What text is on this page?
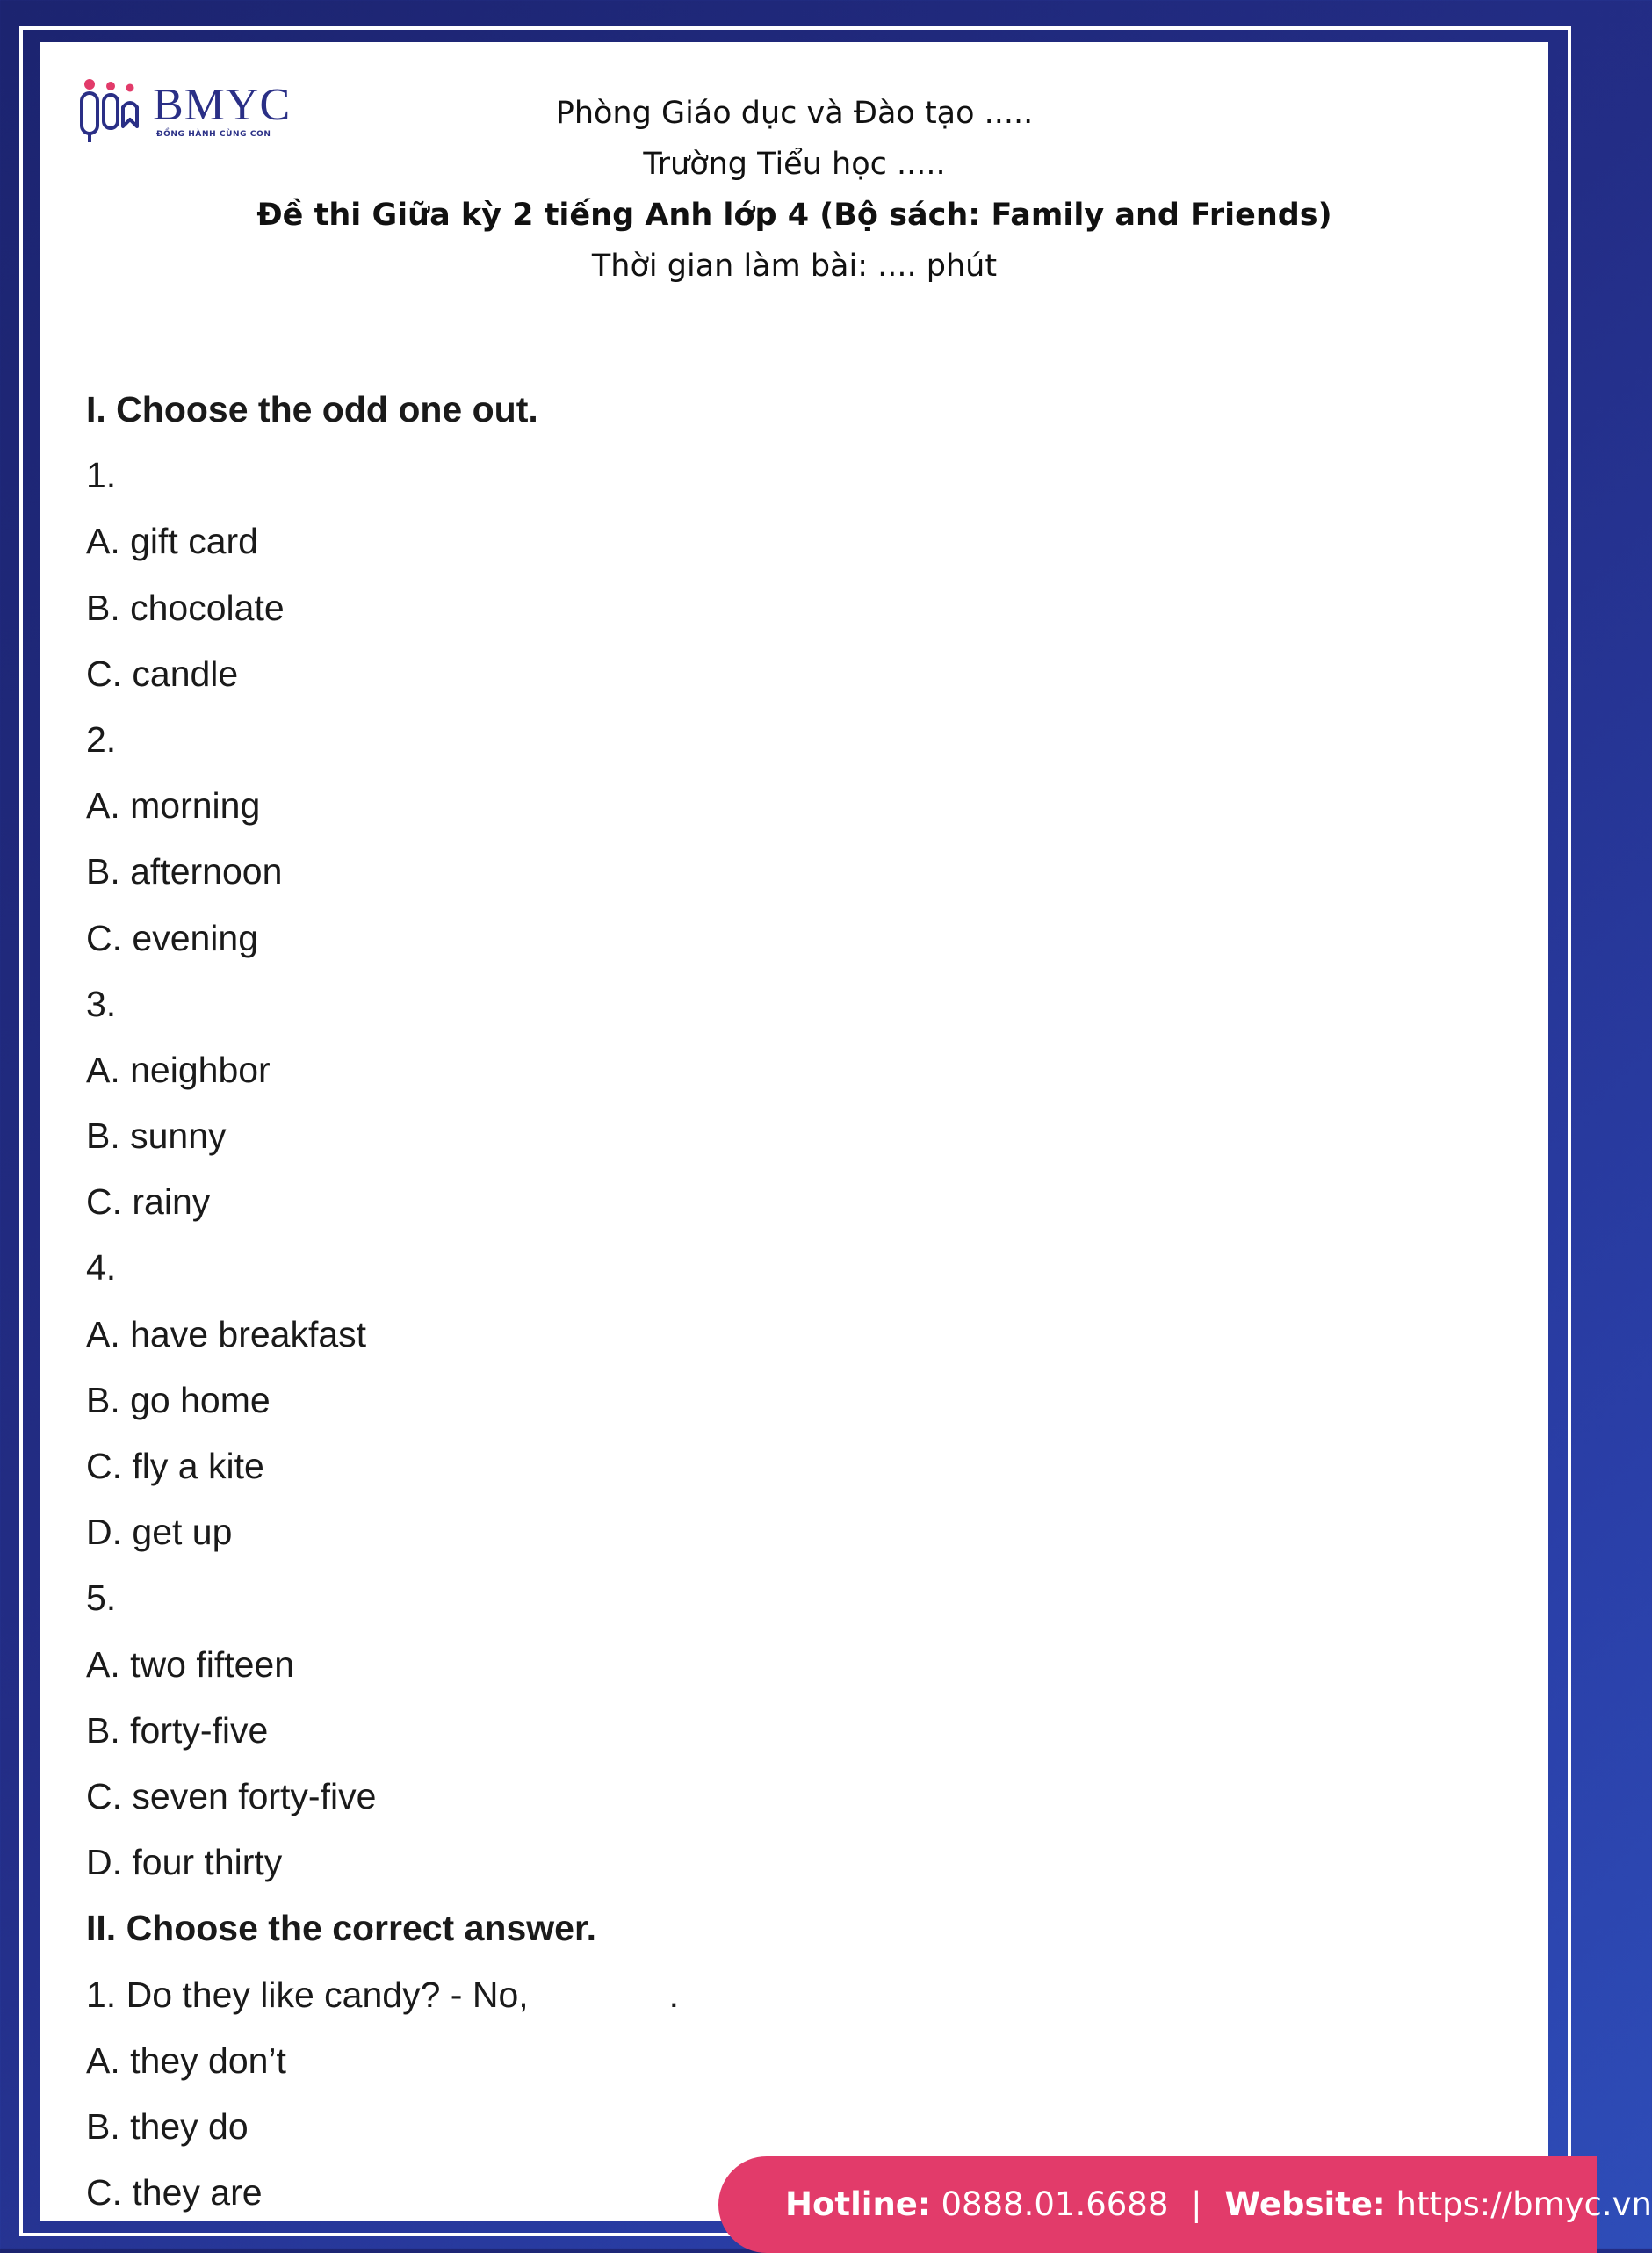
BMYC
ĐỒNG HÀNH CÙNG CON
Phòng Giáo dục và Đào tạo .....
Trường Tiểu học .....
Đề thi Giữa kỳ 2 tiếng Anh lớp 4 (Bộ sách: Family and Friends)
Thời gian làm bài: .... phút
I. Choose the odd one out.
1.
A. gift card
B. chocolate
C. candle
2.
A. morning
B. afternoon
C. evening
3.
A. neighbor
B. sunny
C. rainy
4.
A. have breakfast
B. go home
C. fly a kite
D. get up
5.
A. two fifteen
B. forty-five
C. seven forty-five
D. four thirty
II. Choose the correct answer.
1. Do they like candy? - No,	.
A. they don’t
B. they do
C. they are	Hotline: 0888.01.6688 | Website: https://bmyc.vn
